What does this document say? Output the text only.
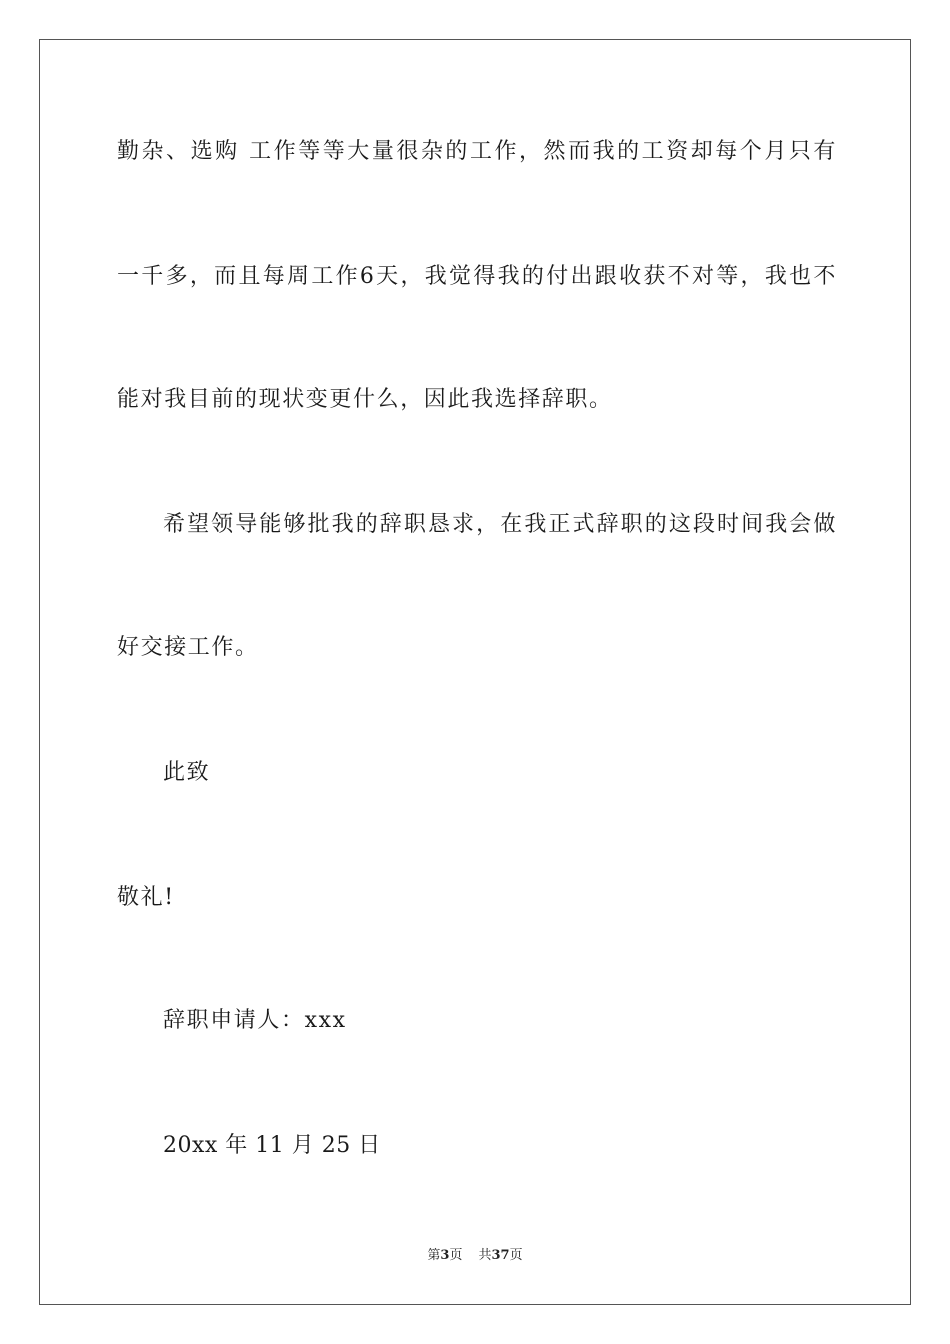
勤杂、选购 工作等等大量很杂的工作，然而我的工资却每个月只有
一千多，而且每周工作6天，我觉得我的付出跟收获不对等，我也不
能对我目前的现状变更什么，因此我选择辞职。
希望领导能够批我的辞职恳求，在我正式辞职的这段时间我会做
好交接工作。
此致
敬礼!
辞职申请人：xxx
20xx 年 11 月 25 日
第3页 共37页
